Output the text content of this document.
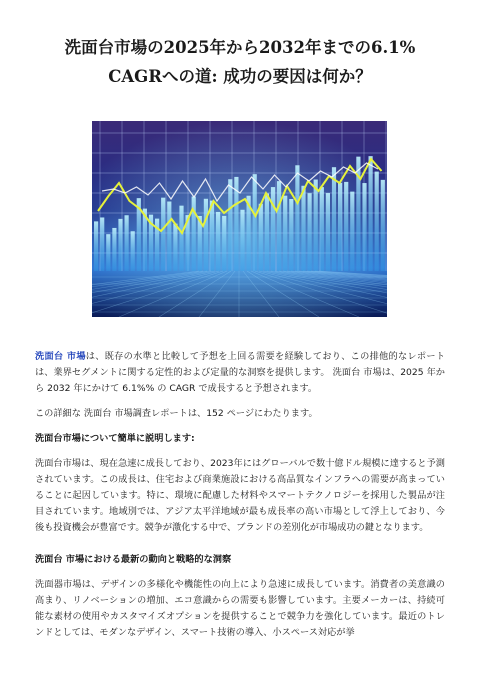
洗面台市場の2025年から2032年までの6.1% CAGRへの道: 成功の要因は何か？
洗面台 市場は、既存の水準と比較して予想を上回る需要を経験しており、この排他的なレポートは、業界セグメントに関する定性的および定量的な洞察を提供します。 洗面台 市場は、2025 年から 2032 年にかけて 6.1%% の CAGR で成長すると予想されます。
この詳細な 洗面台 市場調査レポートは、152 ページにわたります。
洗面台市場について簡単に説明します:
洗面台市場は、現在急速に成長しており、2023年にはグローバルで数十億ドル規模に達すると予測されています。この成長は、住宅および商業施設における高品質なインフラへの需要が高まっていることに起因しています。特に、環境に配慮した材料やスマートテクノロジーを採用した製品が注目されています。地域別では、アジア太平洋地域が最も成長率の高い市場として浮上しており、今後も投資機会が豊富です。競争が激化する中で、ブランドの差別化が市場成功の鍵となります。
洗面台 市場における最新の動向と戦略的な洞察
洗面器市場は、デザインの多様化や機能性の向上により急速に成長しています。消費者の美意識の高まり、リノベーションの増加、エコ意識からの需要も影響しています。主要メーカーは、持続可能な素材の使用やカスタマイズオプションを提供することで競争力を強化しています。最近のトレンドとしては、モダンなデザイン、スマート技術の導入、小スペース対応が挙
